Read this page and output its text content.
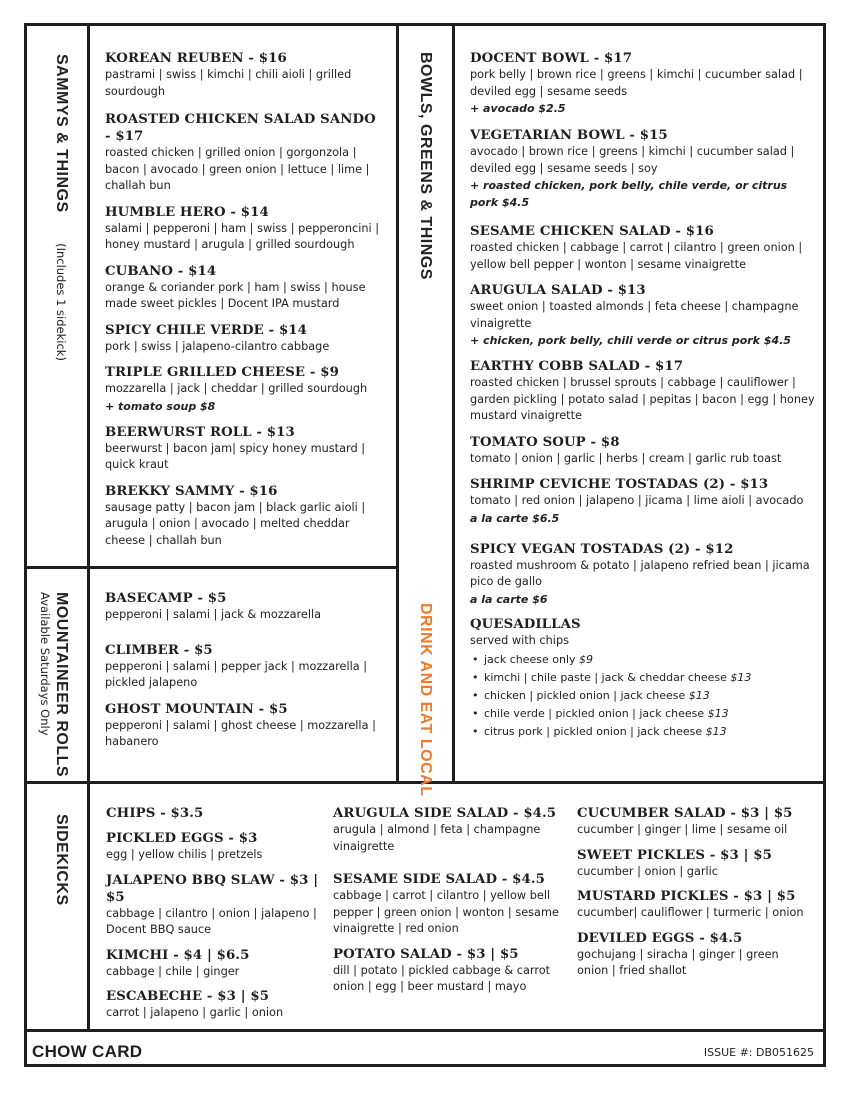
SAMMYS & THINGS (Includes 1 sidekick)
MOUNTAINEER ROLLS
Available Saturdays Only
BOWLS, GREENS & THINGS
DRINK AND EAT LOCAL
SIDEKICKS
KOREAN REUBEN - $16
pastrami | swiss | kimchi | chili aioli | grilled sourdough
ROASTED CHICKEN SALAD SANDO - $17
roasted chicken | grilled onion | gorgonzola | bacon | avocado | green onion | lettuce | lime | challah bun
HUMBLE HERO - $14
salami | pepperoni | ham | swiss | pepperoncini | honey mustard | arugula | grilled sourdough
CUBANO - $14
orange & coriander pork | ham | swiss | house made sweet pickles | Docent IPA mustard
SPICY CHILE VERDE - $14
pork | swiss | jalapeno-cilantro cabbage
TRIPLE GRILLED CHEESE - $9
mozzarella | jack | cheddar | grilled sourdough
+ tomato soup $8
BEERWURST ROLL - $13
beerwurst | bacon jam| spicy honey mustard | quick kraut
BREKKY SAMMY - $16
sausage patty | bacon jam | black garlic aioli | arugula | onion | avocado | melted cheddar cheese | challah bun
BASECAMP - $5
pepperoni | salami | jack & mozzarella
CLIMBER - $5
pepperoni | salami | pepper jack | mozzarella | pickled jalapeno
GHOST MOUNTAIN - $5
pepperoni | salami | ghost cheese | mozzarella | habanero
DOCENT BOWL - $17
pork belly | brown rice | greens | kimchi | cucumber salad | deviled egg | sesame seeds
+ avocado $2.5
VEGETARIAN BOWL - $15
avocado | brown rice | greens | kimchi | cucumber salad | deviled egg | sesame seeds | soy
+ roasted chicken, pork belly, chile verde, or citrus pork $4.5
SESAME CHICKEN SALAD - $16
roasted chicken | cabbage | carrot | cilantro | green onion | yellow bell pepper | wonton | sesame vinaigrette
ARUGULA SALAD - $13
sweet onion | toasted almonds | feta cheese | champagne vinaigrette
+ chicken, pork belly, chili verde or citrus pork $4.5
EARTHY COBB SALAD - $17
roasted chicken | brussel sprouts | cabbage | cauliflower | garden pickling | potato salad | pepitas | bacon | egg | honey mustard vinaigrette
TOMATO SOUP - $8
tomato | onion | garlic | herbs | cream | garlic rub toast
SHRIMP CEVICHE TOSTADAS (2) - $13
tomato | red onion | jalapeno | jicama | lime aioli | avocado
a la carte $6.5
SPICY VEGAN TOSTADAS (2) - $12
roasted mushroom & potato | jalapeno refried bean | jicama pico de gallo
a la carte $6
QUESADILLAS
served with chips
• jack cheese only $9
• kimchi | chile paste | jack & cheddar cheese $13
• chicken | pickled onion | jack cheese $13
• chile verde | pickled onion | jack cheese $13
• citrus pork | pickled onion | jack cheese $13
CHIPS - $3.5
PICKLED EGGS - $3
egg | yellow chilis | pretzels
JALAPENO BBQ SLAW - $3 | $5
cabbage | cilantro | onion | jalapeno | Docent BBQ sauce
KIMCHI - $4 | $6.5
cabbage | chile | ginger
ESCABECHE - $3 | $5
carrot | jalapeno | garlic | onion
ARUGULA SIDE SALAD - $4.5
arugula | almond | feta | champagne vinaigrette
SESAME SIDE SALAD - $4.5
cabbage | carrot | cilantro | yellow bell pepper | green onion | wonton | sesame vinaigrette | red onion
POTATO SALAD - $3 | $5
dill | potato | pickled cabbage & carrot onion | egg | beer mustard | mayo
CUCUMBER SALAD - $3 | $5
cucumber | ginger | lime | sesame oil
SWEET PICKLES - $3 | $5
cucumber | onion | garlic
MUSTARD PICKLES - $3 | $5
cucumber| cauliflower | turmeric | onion
DEVILED EGGS - $4.5
gochujang | siracha | ginger | green onion | fried shallot
CHOW CARD	ISSUE #: DB051625
